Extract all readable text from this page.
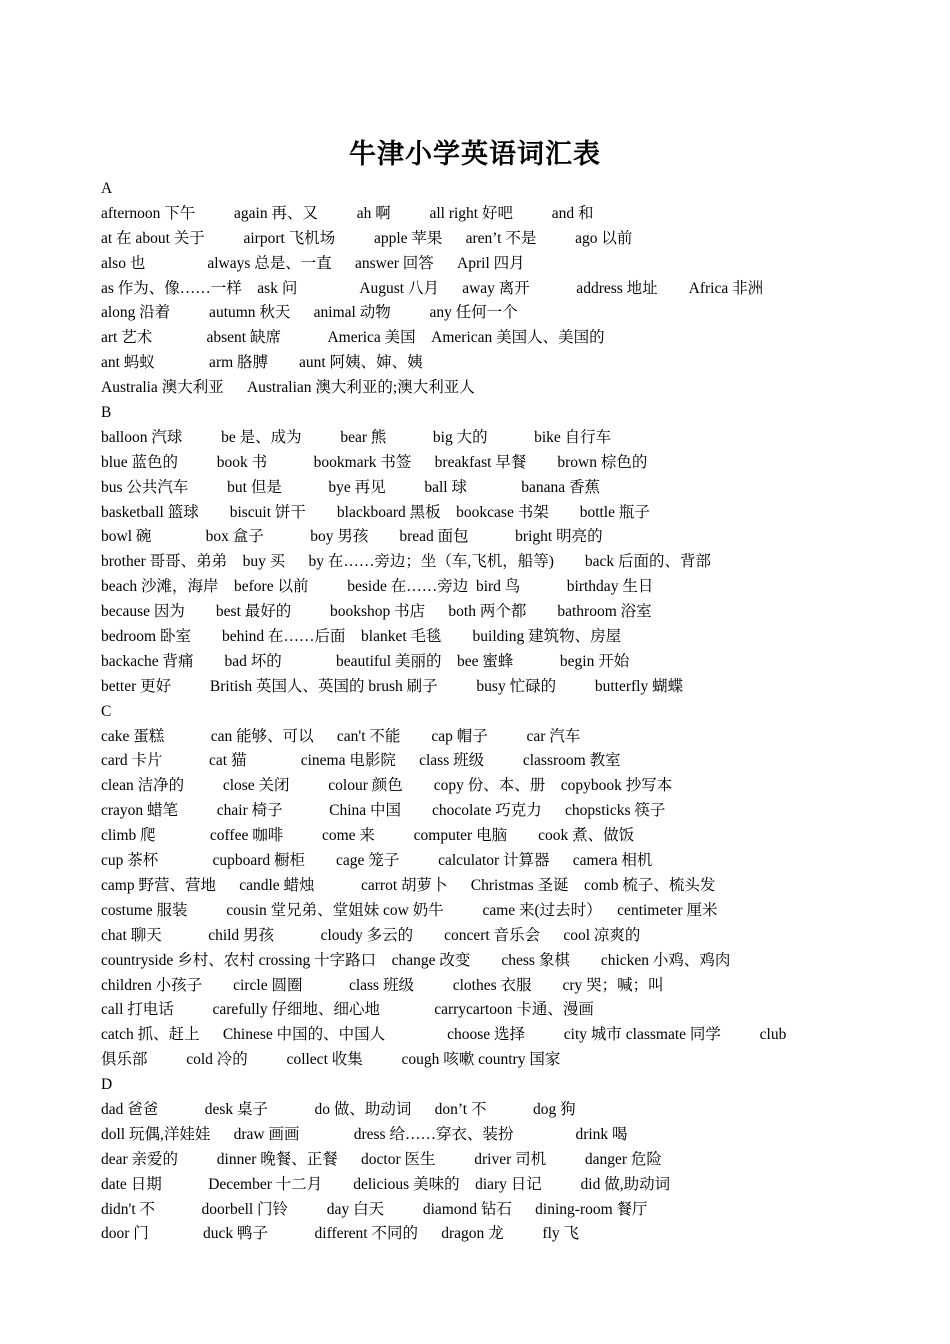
牛津小学英语词汇表
A
afternoon 下午          again 再、又          ah 啊          all right 好吧          and 和
at 在 about 关于          airport 飞机场          apple 苹果      aren’t 不是          ago 以前
also 也                always 总是、一直      answer 回答      April 四月
as 作为、像……一样    ask 问                August 八月      away 离开            address 地址        Africa 非洲
along 沿着          autumn 秋天      animal 动物          any 任何一个
art 艺术              absent 缺席            America 美国    American 美国人、美国的
ant 蚂蚁              arm 胳膊        aunt 阿姨、婶、姨
Australia 澳大利亚      Australian 澳大利亚的;澳大利亚人
B
balloon 汽球          be 是、成为          bear 熊            big 大的            bike 自行车
blue 蓝色的          book 书            bookmark 书签      breakfast 早餐        brown 棕色的
bus 公共汽车          but 但是            bye 再见          ball 球              banana 香蕉
basketball 篮球        biscuit 饼干        blackboard 黑板    bookcase 书架        bottle 瓶子
bowl 碗              box 盒子            boy 男孩        bread 面包            bright 明亮的
brother 哥哥、弟弟    buy 买      by 在……旁边；坐（车,飞机，船等)        back 后面的、背部
beach 沙滩，海岸    before 以前          beside 在……旁边  bird 鸟            birthday 生日
because 因为        best 最好的          bookshop 书店      both 两个都        bathroom 浴室
bedroom 卧室        behind 在……后面    blanket 毛毯        building 建筑物、房屋
backache 背痛        bad 坏的              beautiful 美丽的    bee 蜜蜂            begin 开始
better 更好          British 英国人、英国的 brush 刷子          busy 忙碌的          butterfly 蝴蝶
C
cake 蛋糕            can 能够、可以      can't 不能        cap 帽子          car 汽车
card 卡片            cat 猫              cinema 电影院      class 班级          classroom 教室
clean 洁净的          close 关闭          colour 颜色        copy 份、本、册    copybook 抄写本
crayon 蜡笔          chair 椅子            China 中国        chocolate 巧克力      chopsticks 筷子
climb 爬              coffee 咖啡          come 来          computer 电脑        cook 煮、做饭
cup 茶杯              cupboard 橱柜        cage 笼子          calculator 计算器      camera 相机
camp 野营、营地      candle 蜡烛            carrot 胡萝卜      Christmas 圣诞    comb 梳子、梳头发
costume 服装          cousin 堂兄弟、堂姐妹 cow 奶牛          came 来(过去时）    centimeter 厘米
chat 聊天            child 男孩            cloudy 多云的        concert 音乐会      cool 凉爽的
countryside 乡村、农村 crossing 十字路口    change 改变        chess 象棋        chicken 小鸡、鸡肉
children 小孩子        circle 圆圈            class 班级          clothes 衣服        cry 哭；喊；叫
call 打电话          carefully 仔细地、细心地              carrycartoon 卡通、漫画
catch 抓、赶上      Chinese 中国的、中国人                choose 选择          city 城市 classmate 同学          club
俱乐部          cold 冷的          collect 收集          cough 咳嗽 country 国家
D
dad 爸爸            desk 桌子            do 做、助动词      don’t 不            dog 狗
doll 玩偶,洋娃娃      draw 画画              dress 给……穿衣、装扮                drink 喝
dear 亲爱的          dinner 晚餐、正餐      doctor 医生          driver 司机          danger 危险
date 日期            December 十二月        delicious 美味的    diary 日记          did 做,助动词
didn't 不            doorbell 门铃          day 白天          diamond 钻石      dining-room 餐厅
door 门              duck 鸭子            different 不同的      dragon 龙          fly 飞
